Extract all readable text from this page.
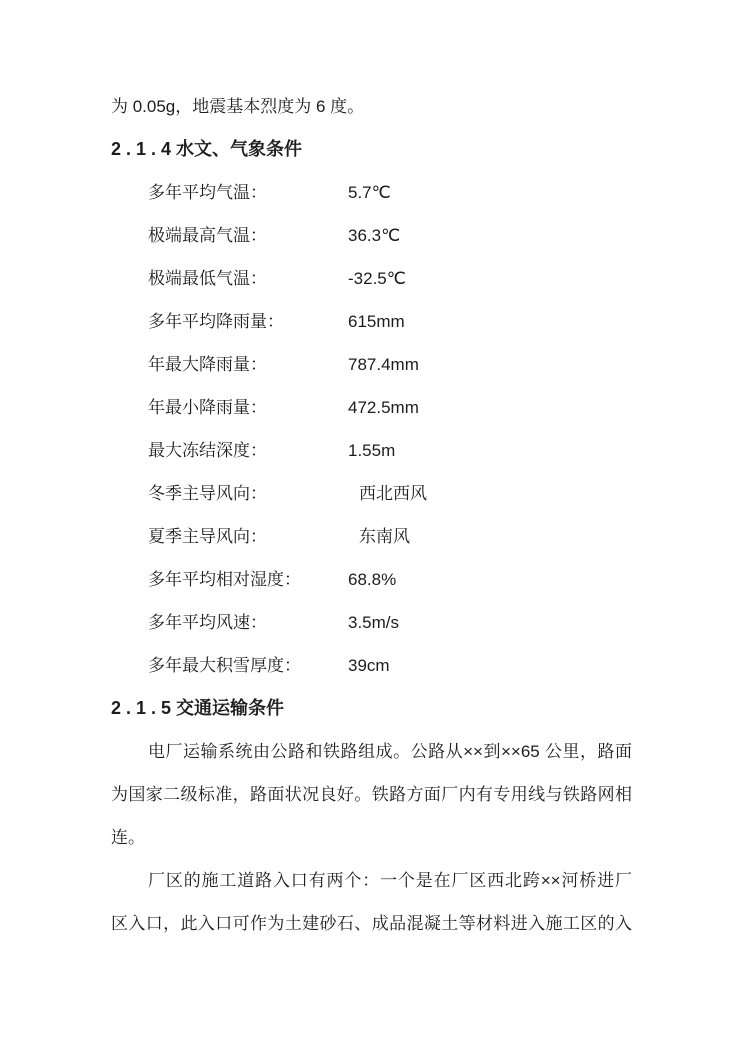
为 0.05g，地震基本烈度为 6 度。
2.1.4水文、气象条件
多年平均气温：	5.7℃
极端最高气温：	36.3℃
极端最低气温：	-32.5℃
多年平均降雨量：	615mm
年最大降雨量：	787.4mm
年最小降雨量：	472.5mm
最大冻结深度：	1.55m
冬季主导风向：	西北西风
夏季主导风向：	东南风
多年平均相对湿度：	68.8%
多年平均风速：	3.5m/s
多年最大积雪厚度：	39cm
2.1.5交通运输条件
电厂运输系统由公路和铁路组成。公路从××到××65 公里，路面
为国家二级标准，路面状况良好。铁路方面厂内有专用线与铁路网相
连。
厂区的施工道路入口有两个：一个是在厂区西北跨××河桥进厂
区入口，此入口可作为土建砂石、成品混凝土等材料进入施工区的入
